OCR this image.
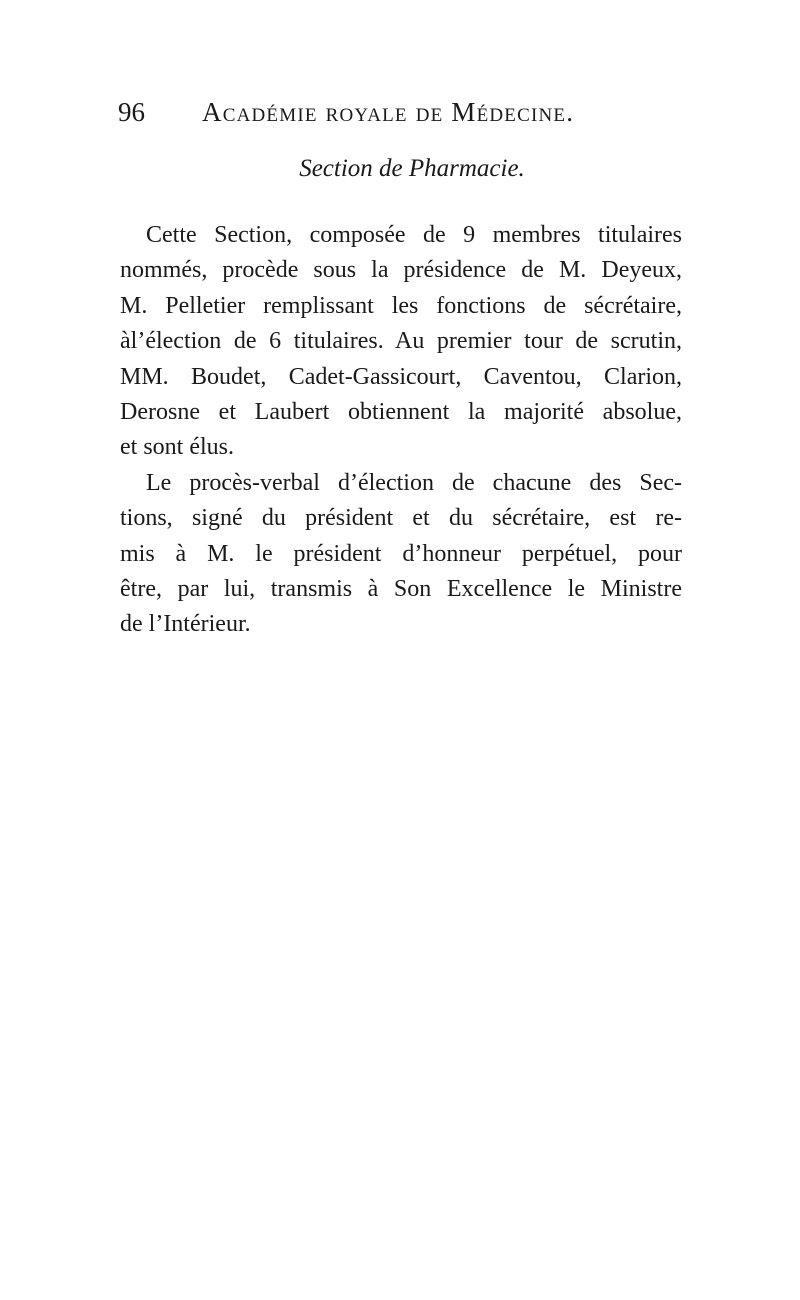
96 Académie royale de Médecine.
Section de Pharmacie.
Cette Section, composée de 9 membres titulaires
nommés, procède sous la présidence de M. Deyeux,
M. Pelletier remplissant les fonctions de sécrétaire,
àl’élection de 6 titulaires. Au premier tour de scrutin,
MM. Boudet, Cadet-Gassicourt, Caventou, Clarion,
Derosne et Laubert obtiennent la majorité absolue,
et sont élus.
Le procès-verbal d’élection de chacune des Sec-
tions, signé du président et du sécrétaire, est re-
mis à M. le président d’honneur perpétuel, pour
être, par lui, transmis à Son Excellence le Ministre
de l’Intérieur.
